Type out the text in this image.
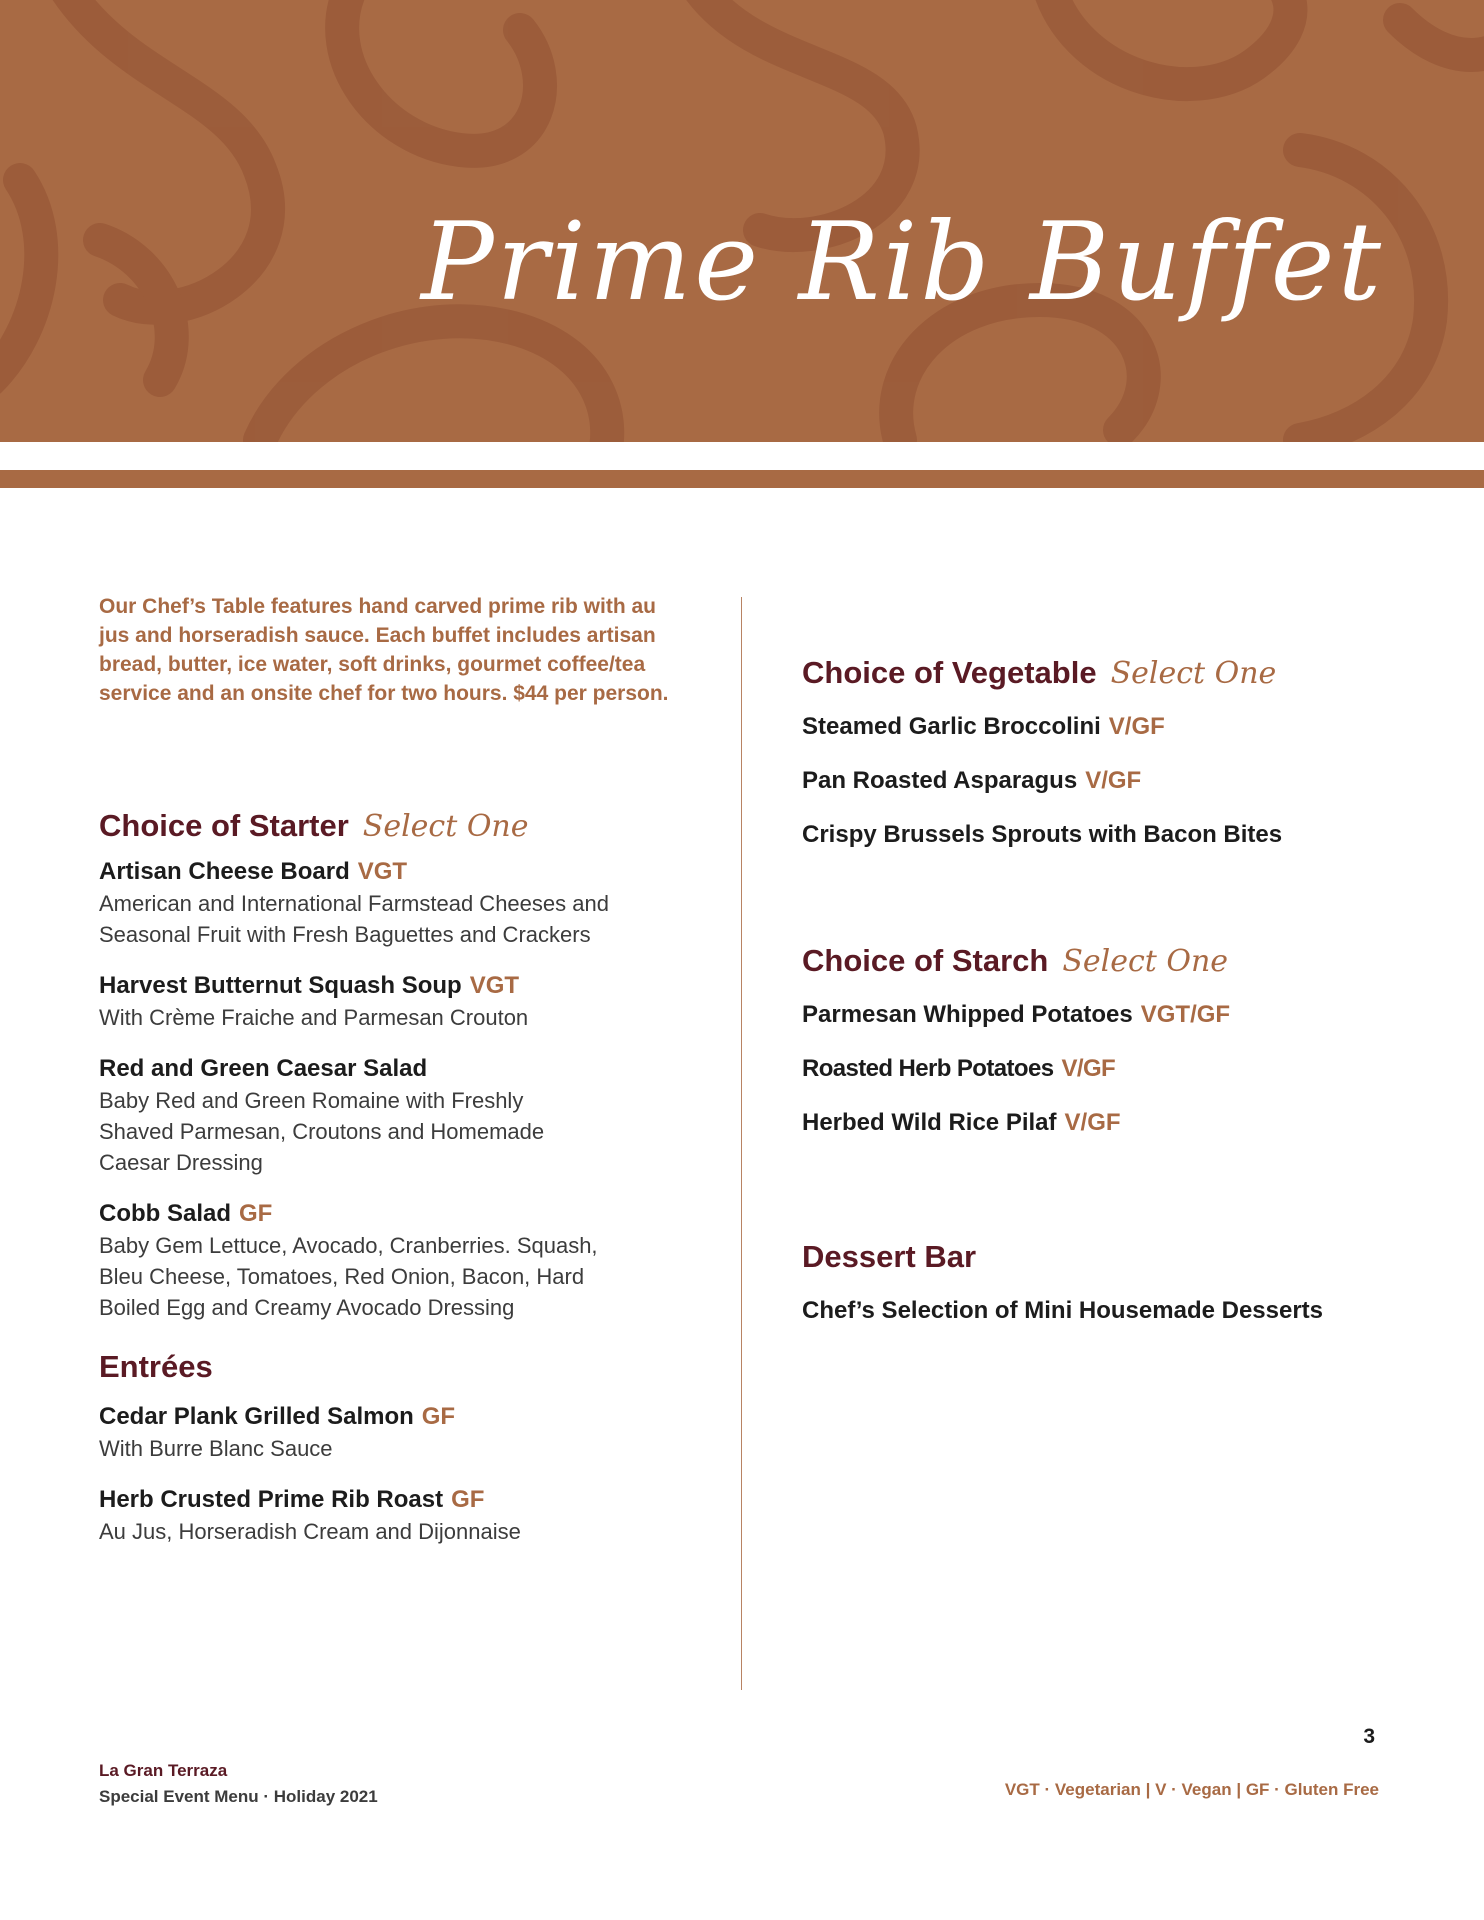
Prime Rib Buffet

Our Chef’s Table features hand carved prime rib with au jus and horseradish sauce. Each buffet includes artisan bread, butter, ice water, soft drinks, gourmet coffee/tea service and an onsite chef for two hours. $44 per person.

Choice of Starter Select One
Artisan Cheese Board VGT

American and International Farmstead Cheeses and Seasonal Fruit with Fresh Baguettes and Crackers

Harvest Butternut Squash Soup VGT

With Crème Fraiche and Parmesan Crouton

Red and Green Caesar Salad

Baby Red and Green Romaine with Freshly Shaved Parmesan, Croutons and Homemade Caesar Dressing

Cobb Salad GF

Baby Gem Lettuce, Avocado, Cranberries. Squash, Bleu Cheese, Tomatoes, Red Onion, Bacon, Hard Boiled Egg and Creamy Avocado Dressing

Entrées
Cedar Plank Grilled Salmon GF

With Burre Blanc Sauce

Herb Crusted Prime Rib Roast GF

Au Jus, Horseradish Cream and Dijonnaise

Choice of Vegetable Select One
Steamed Garlic Broccolini V/GF
Pan Roasted Asparagus V/GF
Crispy Brussels Sprouts with Bacon Bites
Choice of Starch Select One
Parmesan Whipped Potatoes VGT/GF
Roasted Herb Potatoes V/GF
Herbed Wild Rice Pilaf V/GF
Dessert Bar
Chef’s Selection of Mini Housemade Desserts
La Gran Terraza
Special Event Menu · Holiday 2021
3
VGT · Vegetarian | V · Vegan | GF · Gluten Free
